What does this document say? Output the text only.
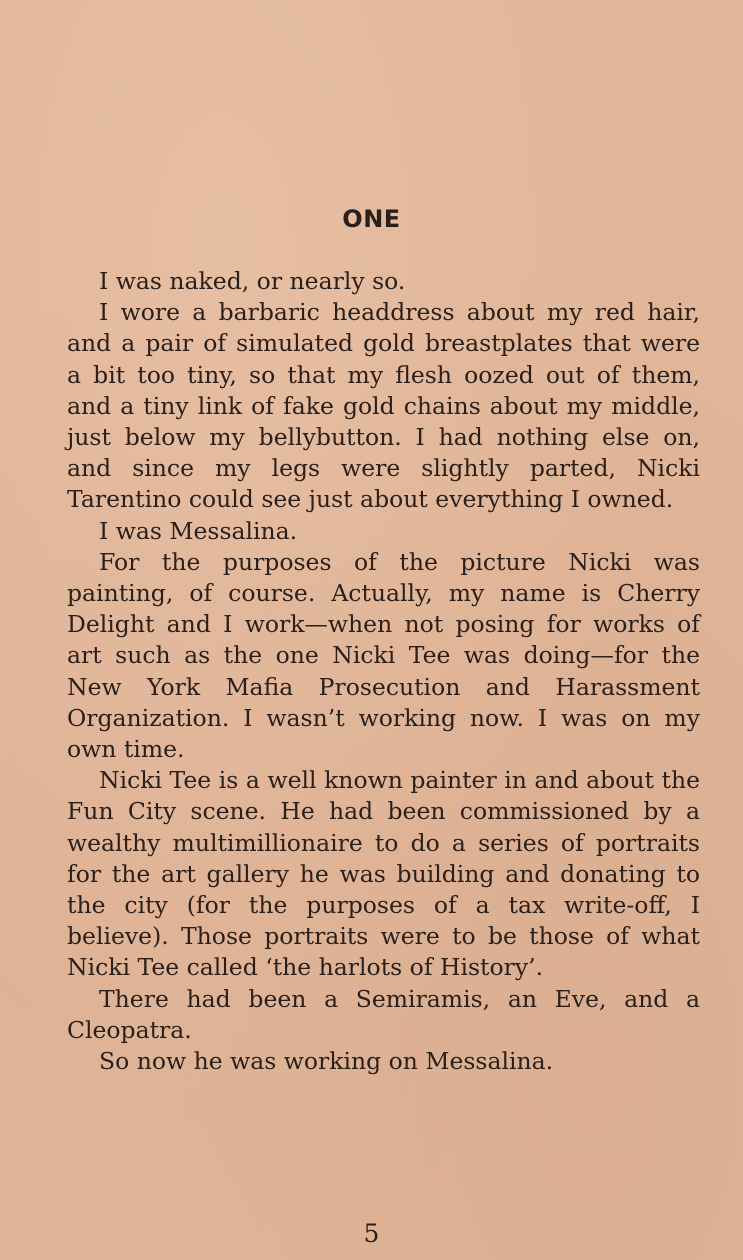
ONE

I was naked, or nearly so.

I wore a barbaric headdress about my red hair, and a pair of simulated gold breastplates that were a bit too tiny, so that my flesh oozed out of them, and a tiny link of fake gold chains about my middle, just below my bellybutton. I had nothing else on, and since my legs were slightly parted, Nicki Tarentino could see just about everything I owned.

I was Messalina.

For the purposes of the picture Nicki was painting, of course. Actually, my name is Cherry Delight and I work—when not posing for works of art such as the one Nicki Tee was doing—for the New York Mafia Prosecution and Harassment Organization. I wasn’t working now. I was on my own time.

Nicki Tee is a well known painter in and about the Fun City scene. He had been commissioned by a wealthy multimillionaire to do a series of portraits for the art gallery he was building and donating to the city (for the purposes of a tax write-off, I believe). Those portraits were to be those of what Nicki Tee called ‘the harlots of History’.

There had been a Semiramis, an Eve, and a Cleopatra.

So now he was working on Messalina.

5
